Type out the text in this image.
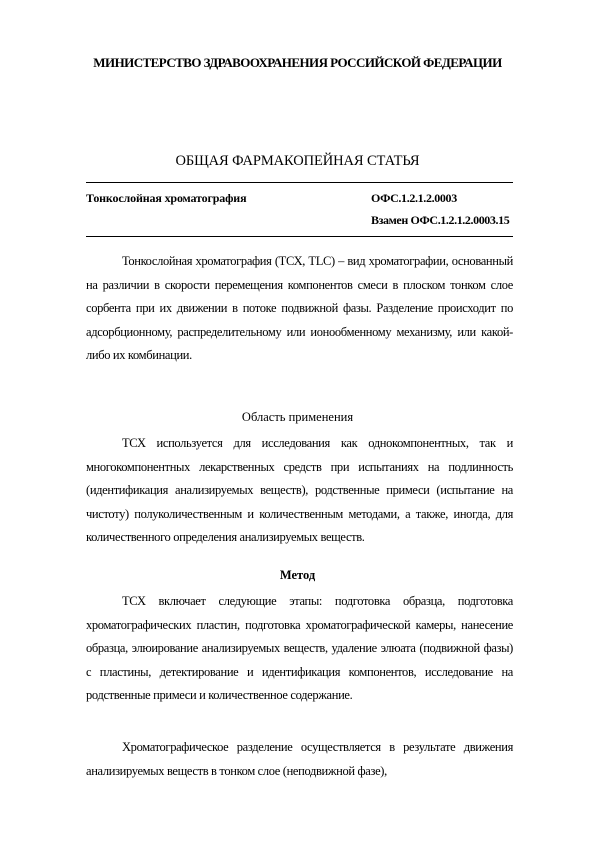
МИНИСТЕРСТВО ЗДРАВООХРАНЕНИЯ РОССИЙСКОЙ ФЕДЕРАЦИИ
ОБЩАЯ ФАРМАКОПЕЙНАЯ СТАТЬЯ
Тонкослойная хроматография	ОФС.1.2.1.2.0003
Взамен ОФС.1.2.1.2.0003.15

Тонкослойная хроматография (ТСХ, TLC) – вид хроматографии, основанный на различии в скорости перемещения компонентов смеси в плоском тонком слое сорбента при их движении в потоке подвижной фазы. Разделение происходит по адсорбционному, распределительному или ионообменному механизму, или какой-либо их комбинации.

Область применения

ТСХ используется для исследования как однокомпонентных, так и многокомпонентных лекарственных средств при испытаниях на подлинность (идентификация анализируемых веществ), родственные примеси (испытание на чистоту) полуколичественным и количественным методами, а также, иногда, для количественного определения анализируемых веществ.

Метод

ТСХ включает следующие этапы: подготовка образца, подготовка хроматографических пластин, подготовка хроматографической камеры, нанесение образца, элюирование анализируемых веществ, удаление элюата (подвижной фазы) с пластины, детектирование и идентификация компонентов, исследование на родственные примеси и количественное содержание.

Хроматографическое разделение осуществляется в результате движения анализируемых веществ в тонком слое (неподвижной фазе),
